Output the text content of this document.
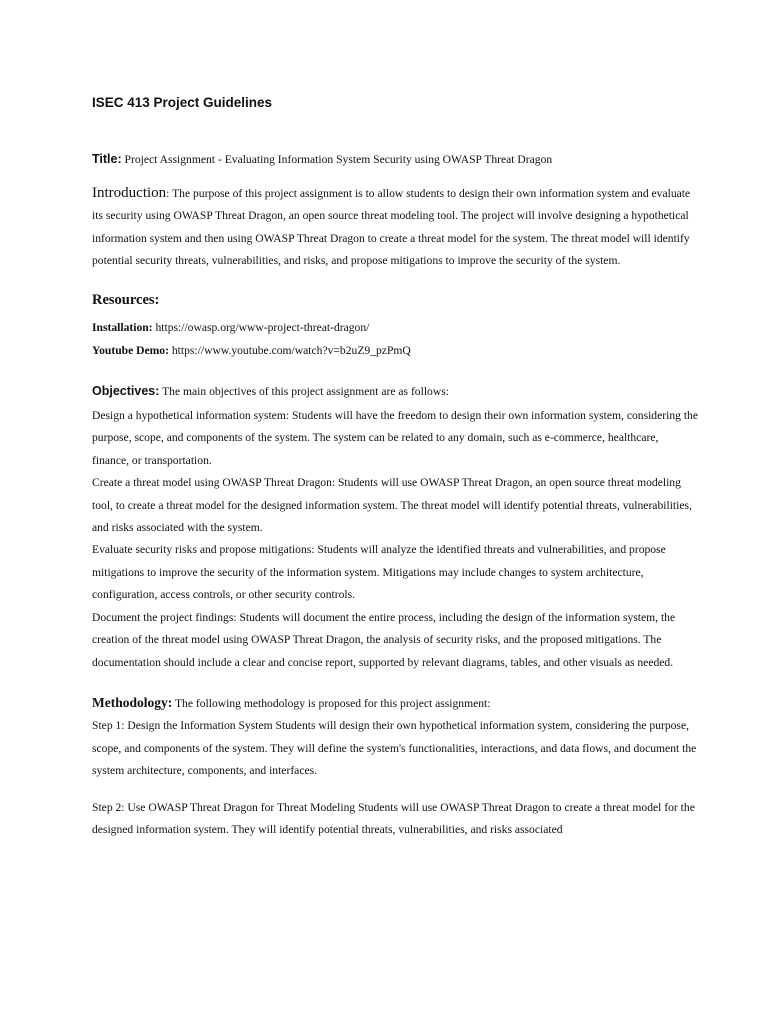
ISEC 413 Project Guidelines

Title: Project Assignment - Evaluating Information System Security using OWASP Threat Dragon

Introduction: The purpose of this project assignment is to allow students to design their own information system and evaluate its security using OWASP Threat Dragon, an open source threat modeling tool. The project will involve designing a hypothetical information system and then using OWASP Threat Dragon to create a threat model for the system. The threat model will identify potential security threats, vulnerabilities, and risks, and propose mitigations to improve the security of the system.

Resources:

Installation: https://owasp.org/www-project-threat-dragon/

Youtube Demo: https://www.youtube.com/watch?v=b2uZ9_pzPmQ

Objectives: The main objectives of this project assignment are as follows:

Design a hypothetical information system: Students will have the freedom to design their own information system, considering the purpose, scope, and components of the system. The system can be related to any domain, such as e-commerce, healthcare, finance, or transportation.

Create a threat model using OWASP Threat Dragon: Students will use OWASP Threat Dragon, an open source threat modeling tool, to create a threat model for the designed information system. The threat model will identify potential threats, vulnerabilities, and risks associated with the system.

Evaluate security risks and propose mitigations: Students will analyze the identified threats and vulnerabilities, and propose mitigations to improve the security of the information system. Mitigations may include changes to system architecture, configuration, access controls, or other security controls.

Document the project findings: Students will document the entire process, including the design of the information system, the creation of the threat model using OWASP Threat Dragon, the analysis of security risks, and the proposed mitigations. The documentation should include a clear and concise report, supported by relevant diagrams, tables, and other visuals as needed.

Methodology: The following methodology is proposed for this project assignment:

Step 1: Design the Information System Students will design their own hypothetical information system, considering the purpose, scope, and components of the system. They will define the system's functionalities, interactions, and data flows, and document the system architecture, components, and interfaces.

Step 2: Use OWASP Threat Dragon for Threat Modeling Students will use OWASP Threat Dragon to create a threat model for the designed information system. They will identify potential threats, vulnerabilities, and risks associated
